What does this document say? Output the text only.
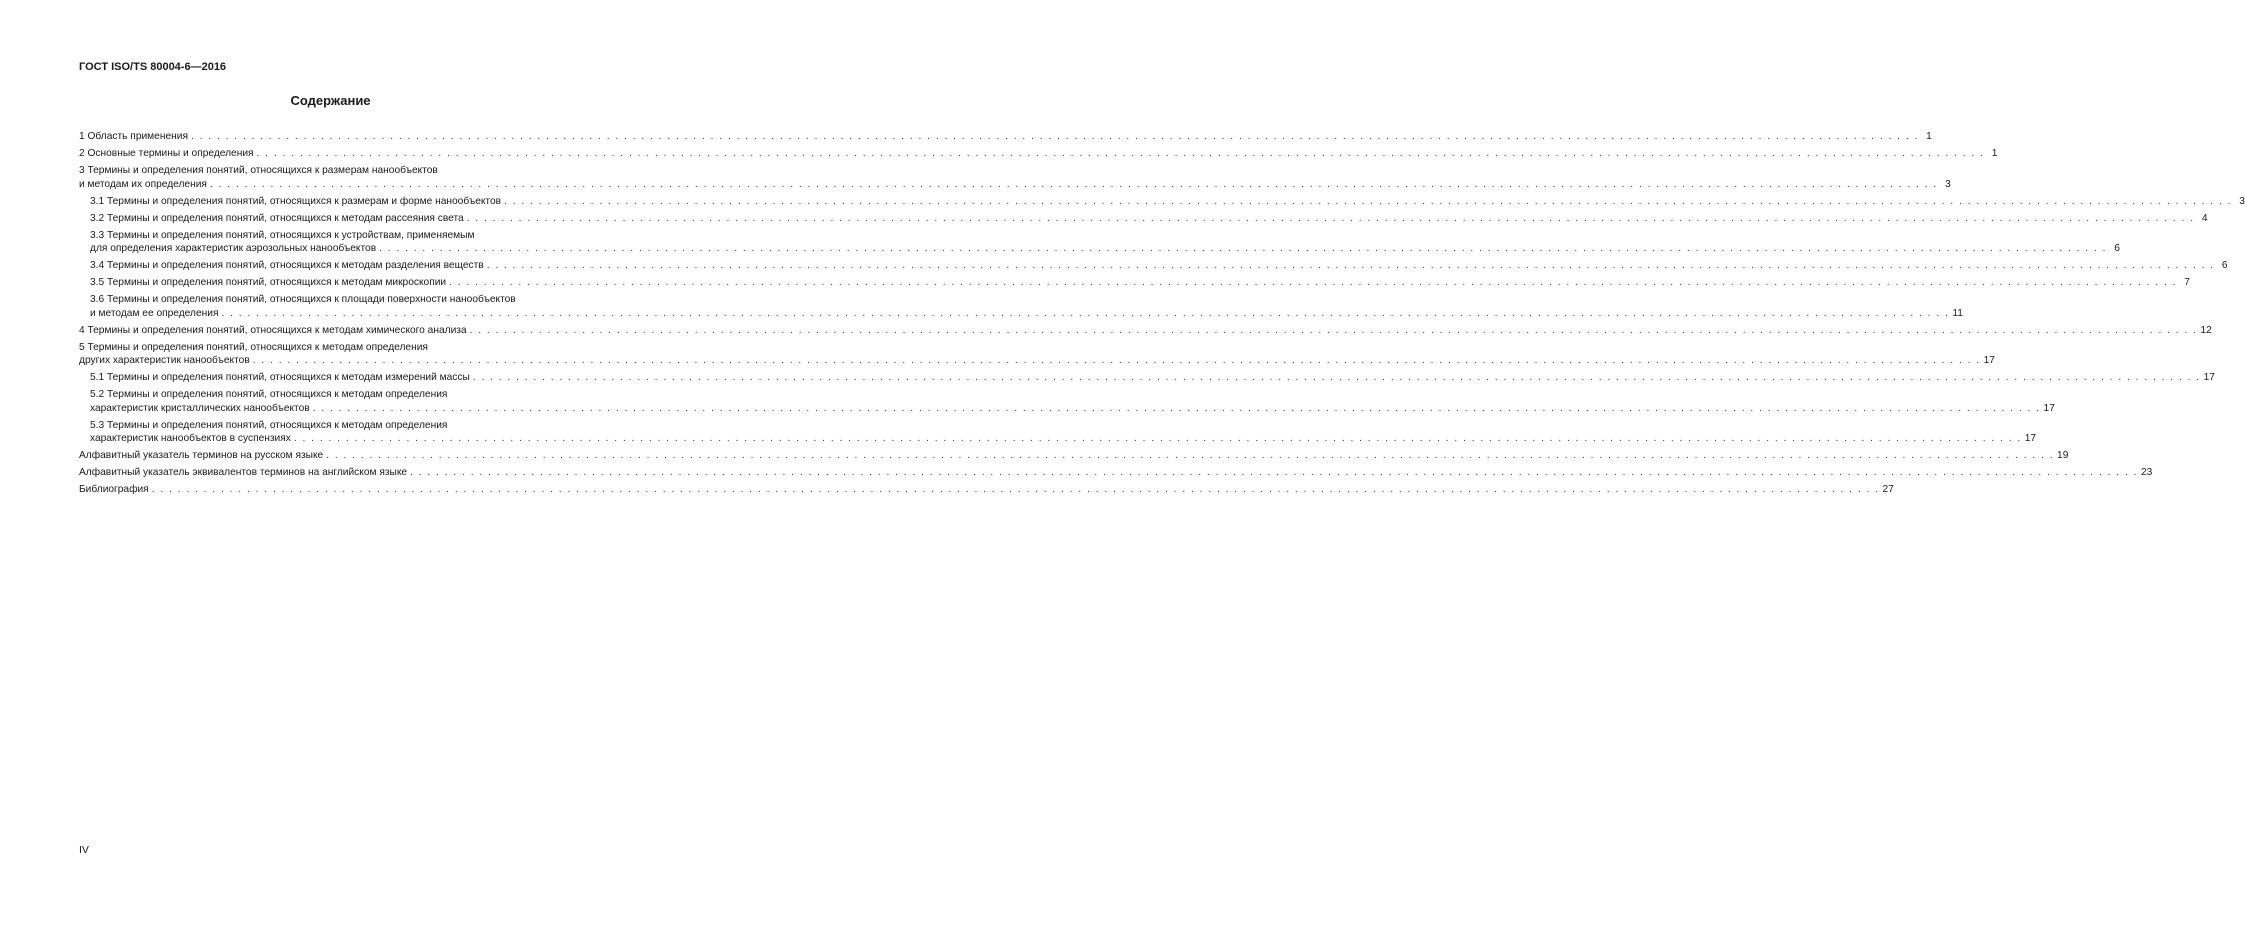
ГОСТ ISO/TS 80004-6—2016
Содержание
1 Область применения . . . . . . . . . . . . . . . . . . . . . . . . . . . . . . . . . . . . . . . . . . . . . . . . . . . . . . . . . . . . . . . . . . . . . . . . . . . . . . . . . . . . . . . . . . . . . . . . . . . . . . . . . . . . . . . . . . . . . . . . . . . . . . . . . . . . . . . . . . . . . . . . . . . . . . . . . . . . . . . . . . . . . . . . . . . . . . . . . . . . . . . . . . . . . . . . . . . . . . . . 1
2 Основные термины и определения . . . . . . . . . . . . . . . . . . . . . . . . . . . . . . . . . . . . . . . . . . . . . . . . . . . . . . . . . . . . . . . . . . . . . . . . . . . . . . . . . . . . . . . . . . . . . . . . . . . . . . . . . . . . . . . . . . . . . . . . . . . . . . . . . . . . . . . . . . . . . . . . . . . . . . . . . . . . . . . . . . . . . . . . . . . . . . . . . . . . . . . . . . . . . . . . . . . . . . . . 1
3 Термины и определения понятий, относящихся к размерам нанообъектов
и методам их определения . . . . . . . . . . . . . . . . . . . . . . . . . . . . . . . . . . . . . . . . . . . . . . . . . . . . . . . . . . . . . . . . . . . . . . . . . . . . . . . . . . . . . . . . . . . . . . . . . . . . . . . . . . . . . . . . . . . . . . . . . . . . . . . . . . . . . . . . . . . . . . . . . . . . . . . . . . . . . . . . . . . . . . . . . . . . . . . . . . . . . . . . . . . . . . . . . . . . . . . . 3
3.1 Термины и определения понятий, относящихся к размерам и форме нанообъектов . . . . . . . . . . . . . . . . . . . . . . . . . . . . . . . . . . . . . . . . . . . . . . . . . . . . . . . . . . . . . . . . . . . . . . . . . . . . . . . . . . . . . . . . . . . . . . . . . . . . . . . . . . . . . . . . . . . . . . . . . . . . . . . . . . . . . . . . . . . . . . . . . . . . . . . . . . . . . . . . . . . . . . . . . . . . . . . . . . . . . . . . . . . . . . . . . . . . . . . . 3
3.2 Термины и определения понятий, относящихся к методам рассеяния света . . . . . . . . . . . . . . . . . . . . . . . . . . . . . . . . . . . . . . . . . . . . . . . . . . . . . . . . . . . . . . . . . . . . . . . . . . . . . . . . . . . . . . . . . . . . . . . . . . . . . . . . . . . . . . . . . . . . . . . . . . . . . . . . . . . . . . . . . . . . . . . . . . . . . . . . . . . . . . . . . . . . . . . . . . . . . . . . . . . . . . . . . . . . . . . . . . . . . . . . 4
3.3 Термины и определения понятий, относящихся к устройствам, применяемым
для определения характеристик аэрозольных нанообъектов . . . . . . . . . . . . . . . . . . . . . . . . . . . . . . . . . . . . . . . . . . . . . . . . . . . . . . . . . . . . . . . . . . . . . . . . . . . . . . . . . . . . . . . . . . . . . . . . . . . . . . . . . . . . . . . . . . . . . . . . . . . . . . . . . . . . . . . . . . . . . . . . . . . . . . . . . . . . . . . . . . . . . . . . . . . . . . . . . . . . . . . . . . . . . . . . . . . . . . . . 6
3.4 Термины и определения понятий, относящихся к методам разделения веществ . . . . . . . . . . . . . . . . . . . . . . . . . . . . . . . . . . . . . . . . . . . . . . . . . . . . . . . . . . . . . . . . . . . . . . . . . . . . . . . . . . . . . . . . . . . . . . . . . . . . . . . . . . . . . . . . . . . . . . . . . . . . . . . . . . . . . . . . . . . . . . . . . . . . . . . . . . . . . . . . . . . . . . . . . . . . . . . . . . . . . . . . . . . . . . . . . . . . . . . . 6
3.5 Термины и определения понятий, относящихся к методам микроскопии . . . . . . . . . . . . . . . . . . . . . . . . . . . . . . . . . . . . . . . . . . . . . . . . . . . . . . . . . . . . . . . . . . . . . . . . . . . . . . . . . . . . . . . . . . . . . . . . . . . . . . . . . . . . . . . . . . . . . . . . . . . . . . . . . . . . . . . . . . . . . . . . . . . . . . . . . . . . . . . . . . . . . . . . . . . . . . . . . . . . . . . . . . . . . . . . . . . . . . . . 7
3.6 Термины и определения понятий, относящихся к площади поверхности нанообъектов
и методам ее определения . . . . . . . . . . . . . . . . . . . . . . . . . . . . . . . . . . . . . . . . . . . . . . . . . . . . . . . . . . . . . . . . . . . . . . . . . . . . . . . . . . . . . . . . . . . . . . . . . . . . . . . . . . . . . . . . . . . . . . . . . . . . . . . . . . . . . . . . . . . . . . . . . . . . . . . . . . . . . . . . . . . . . . . . . . . . . . . . . . . . . . . . . . . . . . . . . . . . . . . . 11
4 Термины и определения понятий, относящихся к методам химического анализа . . . . . . . . . . . . . . . . . . . . . . . . . . . . . . . . . . . . . . . . . . . . . . . . . . . . . . . . . . . . . . . . . . . . . . . . . . . . . . . . . . . . . . . . . . . . . . . . . . . . . . . . . . . . . . . . . . . . . . . . . . . . . . . . . . . . . . . . . . . . . . . . . . . . . . . . . . . . . . . . . . . . . . . . . . . . . . . . . . . . . . . . . . . . . . . . . . . . . . . . 12
5 Термины и определения понятий, относящихся к методам определения
других характеристик нанообъектов . . . . . . . . . . . . . . . . . . . . . . . . . . . . . . . . . . . . . . . . . . . . . . . . . . . . . . . . . . . . . . . . . . . . . . . . . . . . . . . . . . . . . . . . . . . . . . . . . . . . . . . . . . . . . . . . . . . . . . . . . . . . . . . . . . . . . . . . . . . . . . . . . . . . . . . . . . . . . . . . . . . . . . . . . . . . . . . . . . . . . . . . . . . . . . . . . . . . . . . . 17
5.1 Термины и определения понятий, относящихся к методам измерений массы . . . . . . . . . . . . . . . . . . . . . . . . . . . . . . . . . . . . . . . . . . . . . . . . . . . . . . . . . . . . . . . . . . . . . . . . . . . . . . . . . . . . . . . . . . . . . . . . . . . . . . . . . . . . . . . . . . . . . . . . . . . . . . . . . . . . . . . . . . . . . . . . . . . . . . . . . . . . . . . . . . . . . . . . . . . . . . . . . . . . . . . . . . . . . . . . . . . . . . . . 17
5.2 Термины и определения понятий, относящихся к методам определения
характеристик кристаллических нанообъектов . . . . . . . . . . . . . . . . . . . . . . . . . . . . . . . . . . . . . . . . . . . . . . . . . . . . . . . . . . . . . . . . . . . . . . . . . . . . . . . . . . . . . . . . . . . . . . . . . . . . . . . . . . . . . . . . . . . . . . . . . . . . . . . . . . . . . . . . . . . . . . . . . . . . . . . . . . . . . . . . . . . . . . . . . . . . . . . . . . . . . . . . . . . . . . . . . . . . . . . . 17
5.3 Термины и определения понятий, относящихся к методам определения
характеристик нанообъектов в суспензиях . . . . . . . . . . . . . . . . . . . . . . . . . . . . . . . . . . . . . . . . . . . . . . . . . . . . . . . . . . . . . . . . . . . . . . . . . . . . . . . . . . . . . . . . . . . . . . . . . . . . . . . . . . . . . . . . . . . . . . . . . . . . . . . . . . . . . . . . . . . . . . . . . . . . . . . . . . . . . . . . . . . . . . . . . . . . . . . . . . . . . . . . . . . . . . . . . . . . . . . . 17
Алфавитный указатель терминов на русском языке . . . . . . . . . . . . . . . . . . . . . . . . . . . . . . . . . . . . . . . . . . . . . . . . . . . . . . . . . . . . . . . . . . . . . . . . . . . . . . . . . . . . . . . . . . . . . . . . . . . . . . . . . . . . . . . . . . . . . . . . . . . . . . . . . . . . . . . . . . . . . . . . . . . . . . . . . . . . . . . . . . . . . . . . . . . . . . . . . . . . . . . . . . . . . . . . . . . . . . . . 19
Алфавитный указатель эквивалентов терминов на английском языке . . . . . . . . . . . . . . . . . . . . . . . . . . . . . . . . . . . . . . . . . . . . . . . . . . . . . . . . . . . . . . . . . . . . . . . . . . . . . . . . . . . . . . . . . . . . . . . . . . . . . . . . . . . . . . . . . . . . . . . . . . . . . . . . . . . . . . . . . . . . . . . . . . . . . . . . . . . . . . . . . . . . . . . . . . . . . . . . . . . . . . . . . . . . . . . . . . . . . . . . 23
Библиография . . . . . . . . . . . . . . . . . . . . . . . . . . . . . . . . . . . . . . . . . . . . . . . . . . . . . . . . . . . . . . . . . . . . . . . . . . . . . . . . . . . . . . . . . . . . . . . . . . . . . . . . . . . . . . . . . . . . . . . . . . . . . . . . . . . . . . . . . . . . . . . . . . . . . . . . . . . . . . . . . . . . . . . . . . . . . . . . . . . . . . . . . . . . . . . . . . . . . . . . 27
IV
